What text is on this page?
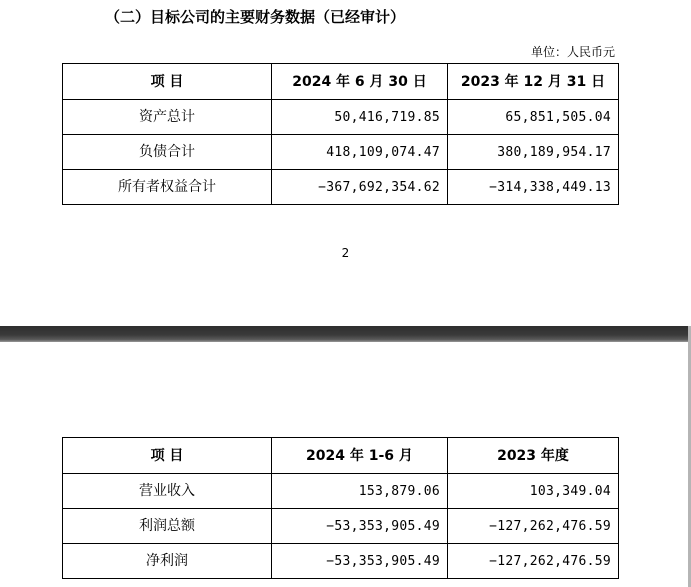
（二）目标公司的主要财务数据（已经审计）
单位：人民币元
项 目	2024 年 6 月 30 日	2023 年 12 月 31 日
资产总计	50,416,719.85	65,851,505.04
负债合计	418,109,074.47	380,189,954.17
所有者权益合计	−367,692,354.62	−314,338,449.13
2
项 目	2024 年 1-6 月	2023 年度
营业收入	153,879.06	103,349.04
利润总额	−53,353,905.49	−127,262,476.59
净利润	−53,353,905.49	−127,262,476.59
